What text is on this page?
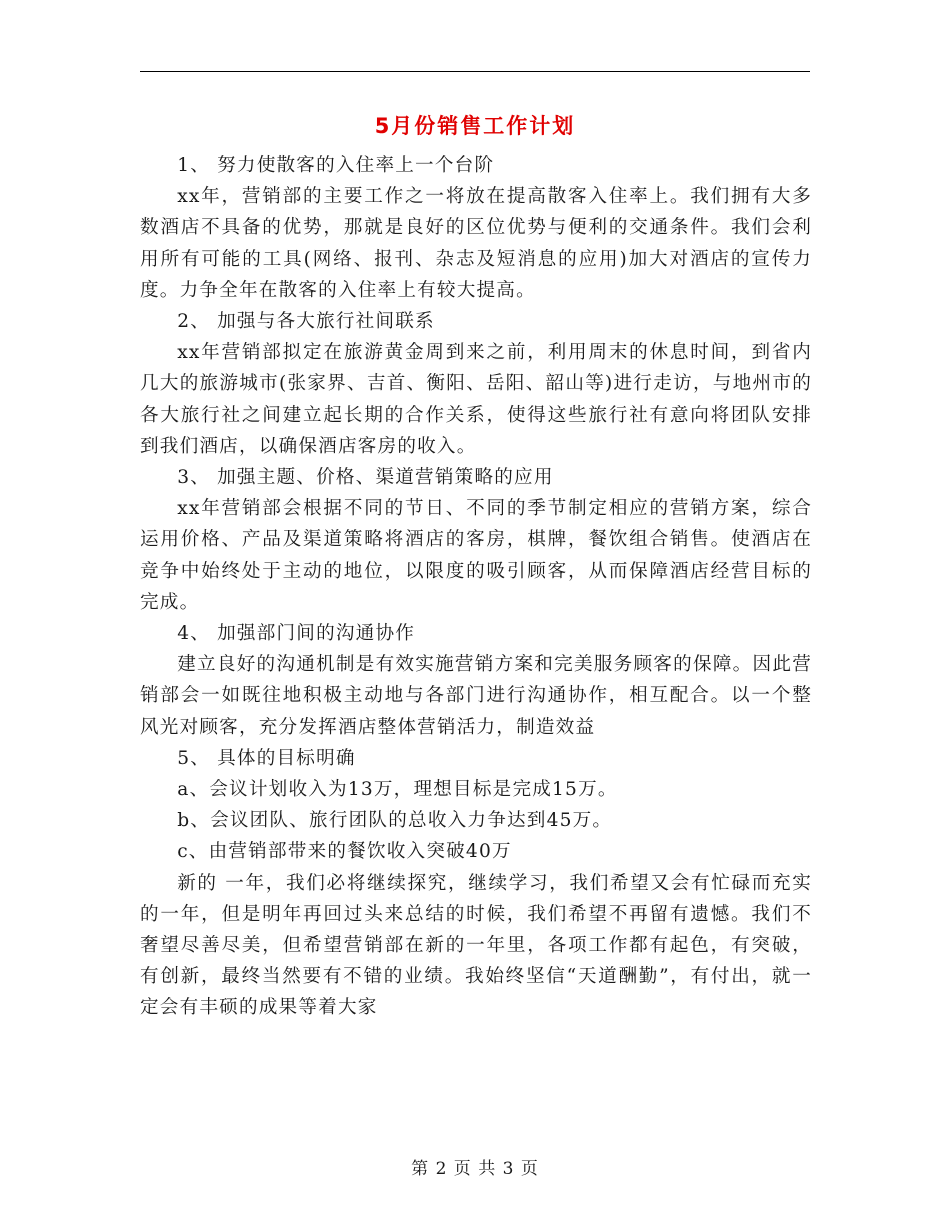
5月份销售工作计划

1、 努力使散客的入住率上一个台阶

xx年，营销部的主要工作之一将放在提高散客入住率上。我们拥有大多数酒店不具备的优势，那就是良好的区位优势与便利的交通条件。我们会利用所有可能的工具(网络、报刊、杂志及短消息的应用)加大对酒店的宣传力度。力争全年在散客的入住率上有较大提高。

2、 加强与各大旅行社间联系

xx年营销部拟定在旅游黄金周到来之前，利用周末的休息时间，到省内几大的旅游城市(张家界、吉首、衡阳、岳阳、韶山等)进行走访，与地州市的各大旅行社之间建立起长期的合作关系，使得这些旅行社有意向将团队安排到我们酒店，以确保酒店客房的收入。

3、 加强主题、价格、渠道营销策略的应用

xx年营销部会根据不同的节日、不同的季节制定相应的营销方案，综合运用价格、产品及渠道策略将酒店的客房，棋牌，餐饮组合销售。使酒店在竞争中始终处于主动的地位，以限度的吸引顾客，从而保障酒店经营目标的完成。

4、 加强部门间的沟通协作

建立良好的沟通机制是有效实施营销方案和完美服务顾客的保障。因此营销部会一如既往地积极主动地与各部门进行沟通协作，相互配合。以一个整风光对顾客，充分发挥酒店整体营销活力，制造效益

5、 具体的目标明确

a、会议计划收入为13万，理想目标是完成15万。

b、会议团队、旅行团队的总收入力争达到45万。

c、由营销部带来的餐饮收入突破40万

新的 一年，我们必将继续探究，继续学习，我们希望又会有忙碌而充实的一年，但是明年再回过头来总结的时候，我们希望不再留有遗憾。我们不奢望尽善尽美，但希望营销部在新的一年里，各项工作都有起色，有突破，有创新，最终当然要有不错的业绩。我始终坚信“天道酬勤”，有付出，就一定会有丰硕的成果等着大家

第 2 页 共 3 页
